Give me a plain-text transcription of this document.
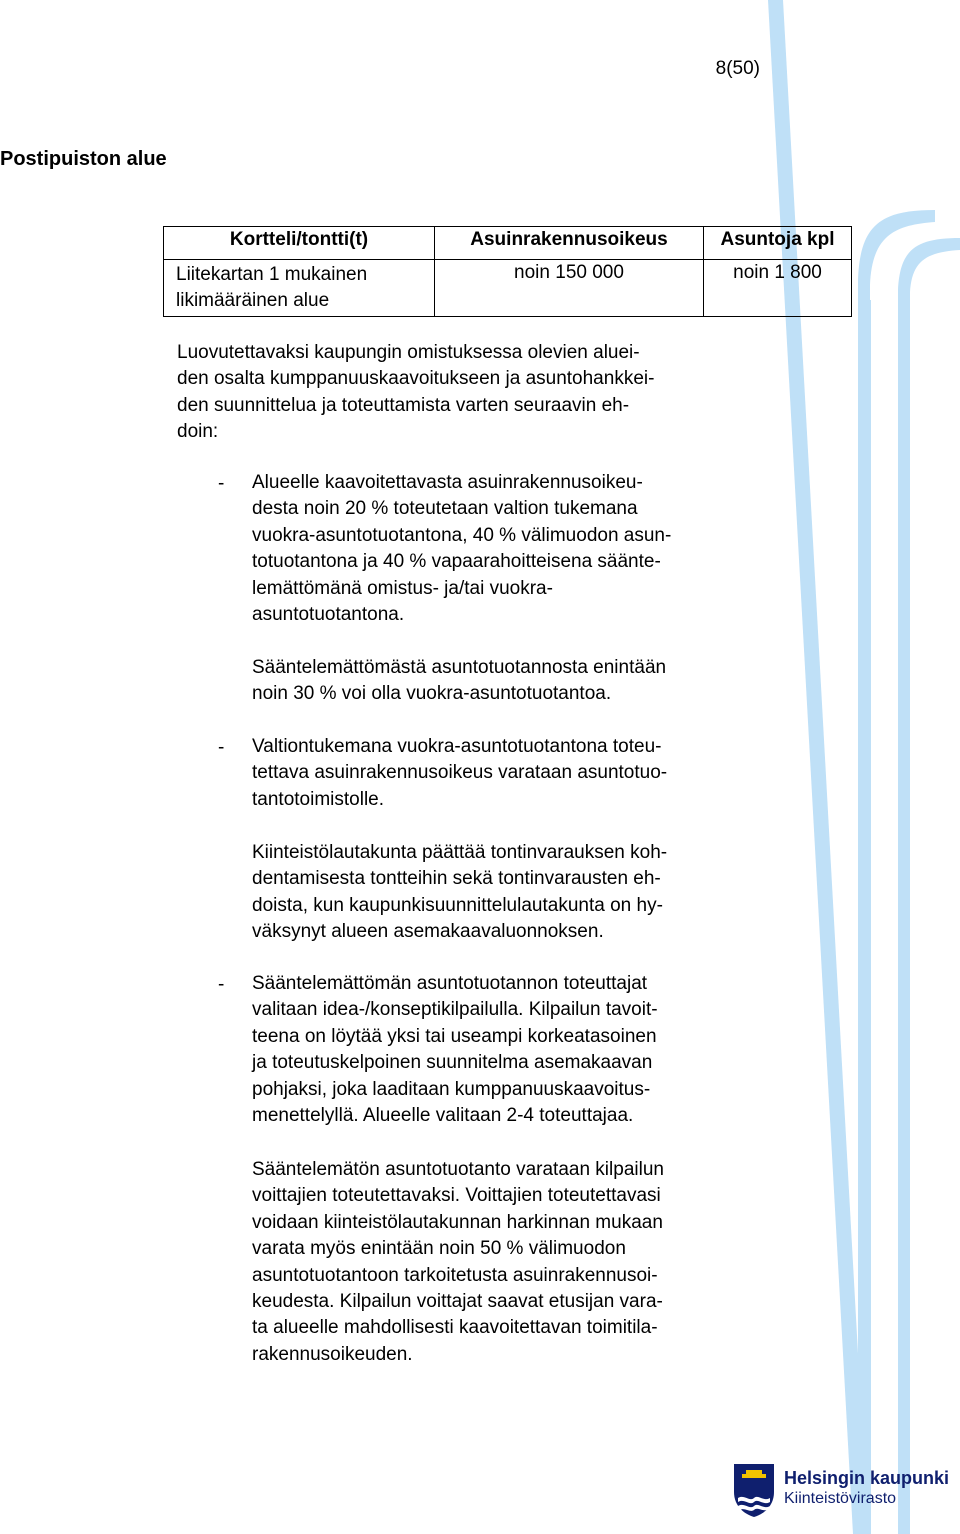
8(50)
Postipuiston alue
Kortteli/tontti(t)	Asuinrakennusoikeus	Asuntoja kpl

Liitekartan 1 mukainen
likimääräinen alue	noin 150 000	noin 1 800
Luovutettavaksi kaupungin omistuksessa olevien aluei-
den osalta kumppanuuskaavoitukseen ja asuntohankkei-
den suunnittelua ja toteuttamista varten seuraavin eh-
doin:
- Alueelle kaavoitettavasta asuinrakennusoikeu-
desta noin 20 % toteutetaan valtion tukemana
vuokra-asuntotuotantona, 40 % välimuodon asun-
totuotantona ja 40 % vapaarahoitteisena säänte-
lemättömänä omistus- ja/tai vuokra-
asuntotuotantona.
Sääntelemättömästä asuntotuotannosta enintään
noin 30 % voi olla vuokra-asuntotuotantoa.
- Valtiontukemana vuokra-asuntotuotantona toteu-
tettava asuinrakennusoikeus varataan asuntotuo-
tantotoimistolle.
Kiinteistölautakunta päättää tontinvarauksen koh-
dentamisesta tontteihin sekä tontinvarausten eh-
doista, kun kaupunkisuunnittelulautakunta on hy-
väksynyt alueen asemakaavaluonnoksen.
- Sääntelemättömän asuntotuotannon toteuttajat
valitaan idea-/konseptikilpailulla. Kilpailun tavoit-
teena on löytää yksi tai useampi korkeatasoinen
ja toteutuskelpoinen suunnitelma asemakaavan
pohjaksi, joka laaditaan kumppanuuskaavoitus-
menettelyllä. Alueelle valitaan 2-4 toteuttajaa.
Sääntelemätön asuntotuotanto varataan kilpailun
voittajien toteutettavaksi. Voittajien toteutettavasi
voidaan kiinteistölautakunnan harkinnan mukaan
varata myös enintään noin 50 % välimuodon
asuntotuotantoon tarkoitetusta asuinrakennusoi-
keudesta. Kilpailun voittajat saavat etusijan vara-
ta alueelle mahdollisesti kaavoitettavan toimitila-
rakennusoikeuden.
Helsingin kaupunki
Kiinteistövirasto
